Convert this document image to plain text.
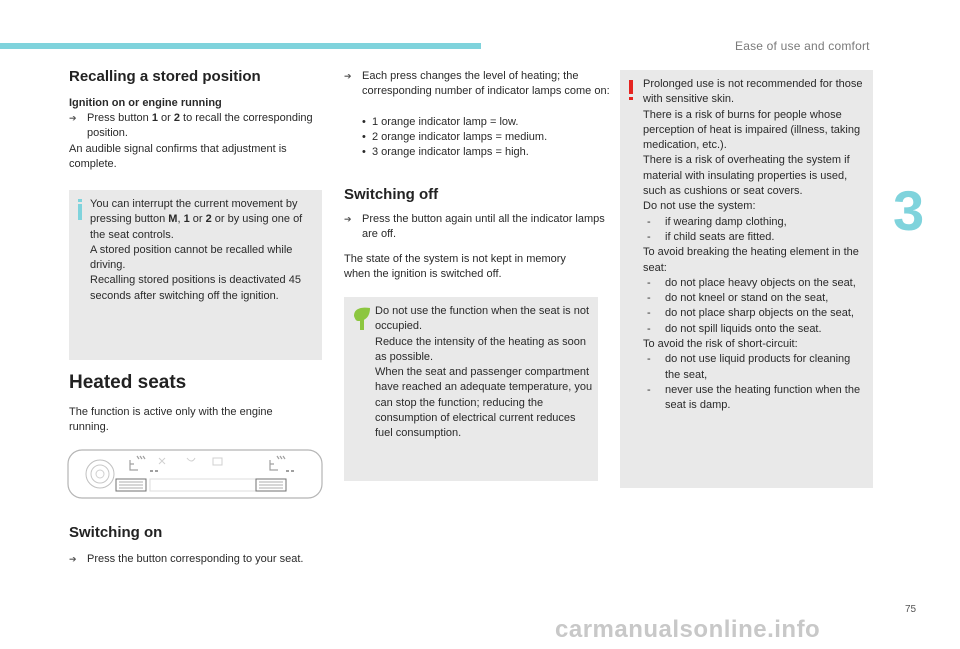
Ease of use and comfort
3
75
carmanualsonline.info
Recalling a stored position
Ignition on or engine running
➔ Press button 1 or 2 to recall the corresponding position.
An audible signal confirms that adjustment is complete.
You can interrupt the current movement by pressing button M, 1 or 2 or by using one of the seat controls.
A stored position cannot be recalled while driving.
Recalling stored positions is deactivated 45 seconds after switching off the ignition.
Heated seats
The function is active only with the engine running.
Switching on
➔ Press the button corresponding to your seat.
➔ Each press changes the level of heating; the corresponding number of indicator lamps come on:
•  1 orange indicator lamp = low.
•  2 orange indicator lamps = medium.
•  3 orange indicator lamps = high.
Switching off
➔ Press the button again until all the indicator lamps are off.
The state of the system is not kept in memory when the ignition is switched off.
Do not use the function when the seat is not occupied.
Reduce the intensity of the heating as soon as possible.
When the seat and passenger compartment have reached an adequate temperature, you can stop the function; reducing the consumption of electrical current reduces fuel consumption.
Prolonged use is not recommended for those with sensitive skin.
There is a risk of burns for people whose perception of heat is impaired (illness, taking medication, etc.).
There is a risk of overheating the system if material with insulating properties is used, such as cushions or seat covers.
Do not use the system:
- if wearing damp clothing,
- if child seats are fitted.
To avoid breaking the heating element in the seat:
- do not place heavy objects on the seat,
- do not kneel or stand on the seat,
- do not place sharp objects on the seat,
- do not spill liquids onto the seat.
To avoid the risk of short-circuit:
- do not use liquid products for cleaning the seat,
- never use the heating function when the seat is damp.
